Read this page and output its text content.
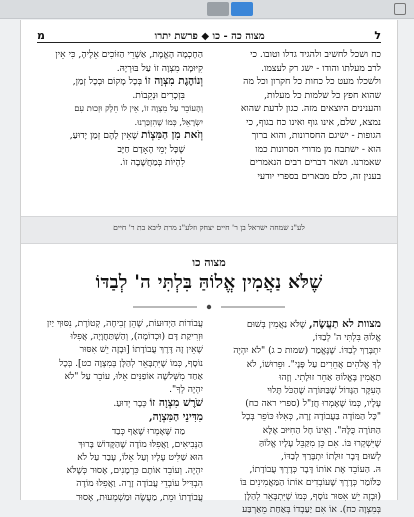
ל
מצוה כה - כו ◆ פרשת יתרו
מ

כח ושכל לחשיב ולהגיד גדלו וטובו. כי

לרב מעלתו והודו - ישג רק לעצמו.

ולשכלו מעט כל כחות כל חקרון וכל מה

שהוא חפץ כל שלמות כל מעלות,

והענינים היוצאים מזה. כגון לדעת שהוא

נמצא, שלם, אינו גוף ואינו כח בגוף, כי

הגופות - ישיגם החסרונות, והוא ברוך

הוא - ישתבח מן מדורי הסרונות כמו

שאמרנו. ושאר דברים רבים הנאמרים

בענין זה, כלם מבארים בספרי יודעי

הַחָכְמָה הָאֱמֶת, אַשְׁרֵי הַזּוֹכִים אֵלֶיהָ, כִּי אֵין

קִיּוּמָה מִצְוָה זוֹ עַל בּוּרְיָהּ.

וְנוֹהֶגֶת מִצְוָה זוֹ בְּכָל מָקוֹם וּבְכָל זְמַן,

בִּזְכָרִים וּנְקֵבוֹת.

וְהָעוֹבֵר עַל מִצְוָה זוֹ, אֵין לוֹ חֵלֶק וּזְכוּת עִם

יִשְׂרָאֵל, כְּמוֹ שֶׁהִזְכַּרְנוּ.

וְזֹאת מִן הַמִּצְוֹת שֶׁאֵין לָהֶם זְמַן יָדוּעַ,

שֶׁכָּל יְמֵי הָאָדָם חַיָּב

לִהְיוֹת בְּמַחֲשָׁבָה זוֹ.

לע"נ שמחה ישראל בן ר' חיים יצחק וזלע"נ מרת ליבא בת ר' חיים
מצוה כו
שֶׁלֹּא נַאֲמִין אֱלוֹהַּ בִּלְתִּי ה' לְבַדּוֹ

מצוות לא תַעֲשֶׂה, שֶׁלֹּא נַאֲמִין בְּשׁוּם

אֱלוֹהַּ בִּלְתִּי ה' לְבַדּוֹ,

יִתְבָּרַךְ לְבַדּוֹ. שֶׁנֶּאֱמַר (שמות כ ג) "לֹא יִהְיֶה

לְךָ אֱלֹהִים אֲחֵרִים עַל פָּנָי". וּפֵרוּשׁוֹ, לֹא

תַאֲמִין בֶּאֱלוֹהַּ אַחֵר זוּלָתִי. וְזֶהוּ

הָעִקָּר הַגָּדוֹל שֶׁבַּתּוֹרָה שֶׁהַכֹּל תָּלוּי

עָלָיו, כְּמוֹ שֶׁאָמְרוּ חֲזַ"ל (ספרי ראה כח)

"כָּל הַמּוֹדֶה בַּעֲבוֹדָה זָרָה, כְּאִלּוּ כּוֹפֵר בְּכָל

הַתּוֹרָה כֻּלָּהּ". וְאֵינוֹ חָל הַחִיּוּב אֶלָּא

שֶׁיִּשְׁקְרוּ בּוֹ. אִם כֵּן מִקַּבֵּל עָלָיו אֱלוֹהַּ

לְשׁוּם דָּבָר זוּלָתוֹ יִתְבָּרַךְ לְבַדּוֹ,

הּ. הַעוֹבֵד אֶת אוֹתוֹ דָּבָר כְּדֶרֶךְ עֲבוֹדָתוֹ,

כַּלּוֹמַר כְּדֶרֶךְ שֶׁעוֹבְדִים אוֹתוֹ הַמַּאֲמִינִים בּוֹ

(וּבְזֶה יֵשׁ אִסּוּר נוֹסָף, כְּמוֹ שֶׁיִּתְבָּאֵר לְהַלָּן

בְּמִצְוָה כח). אוֹ אִם יַעַבְדוֹ בְּאַחַת מֵאַרְבַּע

עֲבוֹדוֹת הַיְדוּעוֹת, שֶׁהֵן זְבִיחָה, קְטוֹרֶת, נִסּוּךְ יַיִן

וּזְרִיקַת דָּם (וּכְדוֹמֶה), וְהַשְׁתַּחֲוָיָה, אֲפִלּוּ

שֶׁאֵין זֶה דֶּרֶךְ עֲבוֹדָתוֹ [וּבָזֶה יֵשׁ אִסּוּר

נוֹסָף, כְּמוֹ שֶׁיִּתְבָּאֵר לְהַלָּן בְּמִצְוָה כט]. בְּכָל

אַחַד מִשְּׁלֹשָׁה אוֹפַנִּים אֵלּוּ, עוֹבֵר עַל "לֹא

יִהְיֶה לְךָ".

שֹׁרֶשׁ מִצְוָה זוֹ כְּבָר יְדוּעַ.

מִדִּינֵי הַמִּצְוָה,

מַה שֶּׁאָמְרוּ שֶׁאַף כְּבַד

הַנְּבִיאִים, וַאֲפִלּוּ מוֹדֶה שֶׁהַקָּדוֹשׁ בָּרוּךְ

הוּא שַׁלִּיט עָלָיו וְעַל אֵלוֹ, עָבַר עַל לֹא

יִהְיֶה. וְעוֹבֵד אוֹתָם כִּרְמָנִים, אָסוּר כְּשֶׁלֹּא

הִבְדִּיל עוֹבְדֵי עֲבוֹדָה זָרָה. וַאֲפִלּוּ מוֹדֶה

עֲבוֹדָתוֹ וּמֵת, מַעֲשֶׂה וּמַשְׁמְעוּת, אָסוּר
